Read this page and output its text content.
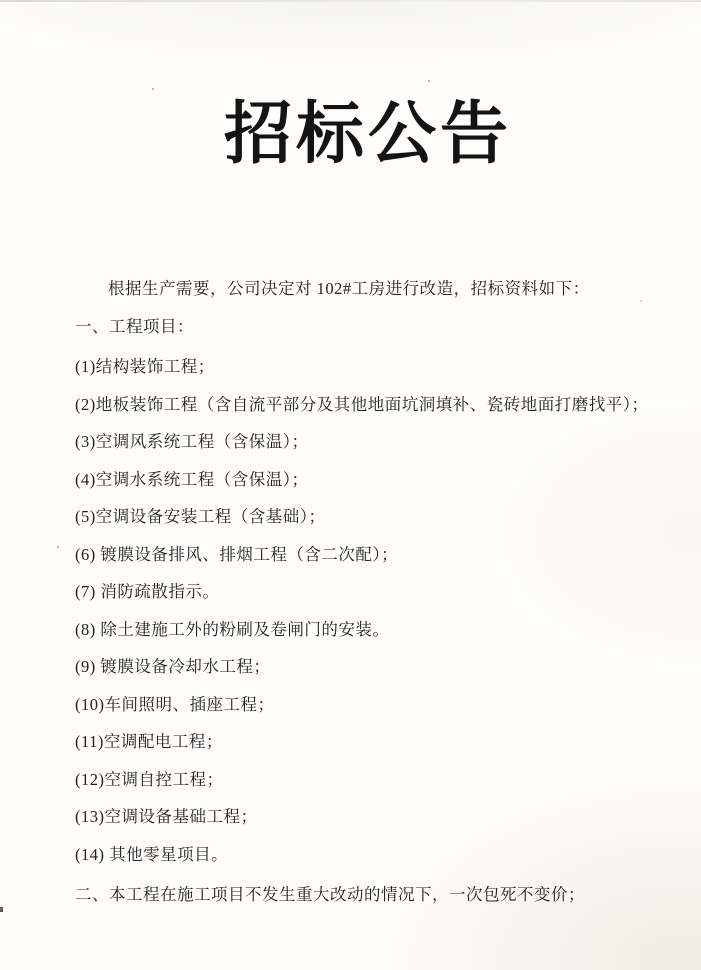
招标公告
根据生产需要，公司决定对 102#工房进行改造，招标资料如下：
一、工程项目：
(1)结构装饰工程；
(2)地板装饰工程（含自流平部分及其他地面坑洞填补、瓷砖地面打磨找平）；
(3)空调风系统工程（含保温）；
(4)空调水系统工程（含保温）；
(5)空调设备安装工程（含基础）；
(6) 镀膜设备排风、排烟工程（含二次配）；
(7) 消防疏散指示。
(8) 除土建施工外的粉刷及卷闸门的安装。
(9) 镀膜设备冷却水工程；
(10)车间照明、插座工程；
(11)空调配电工程；
(12)空调自控工程；
(13)空调设备基础工程；
(14) 其他零星项目。
二、本工程在施工项目不发生重大改动的情况下，一次包死不变价；
